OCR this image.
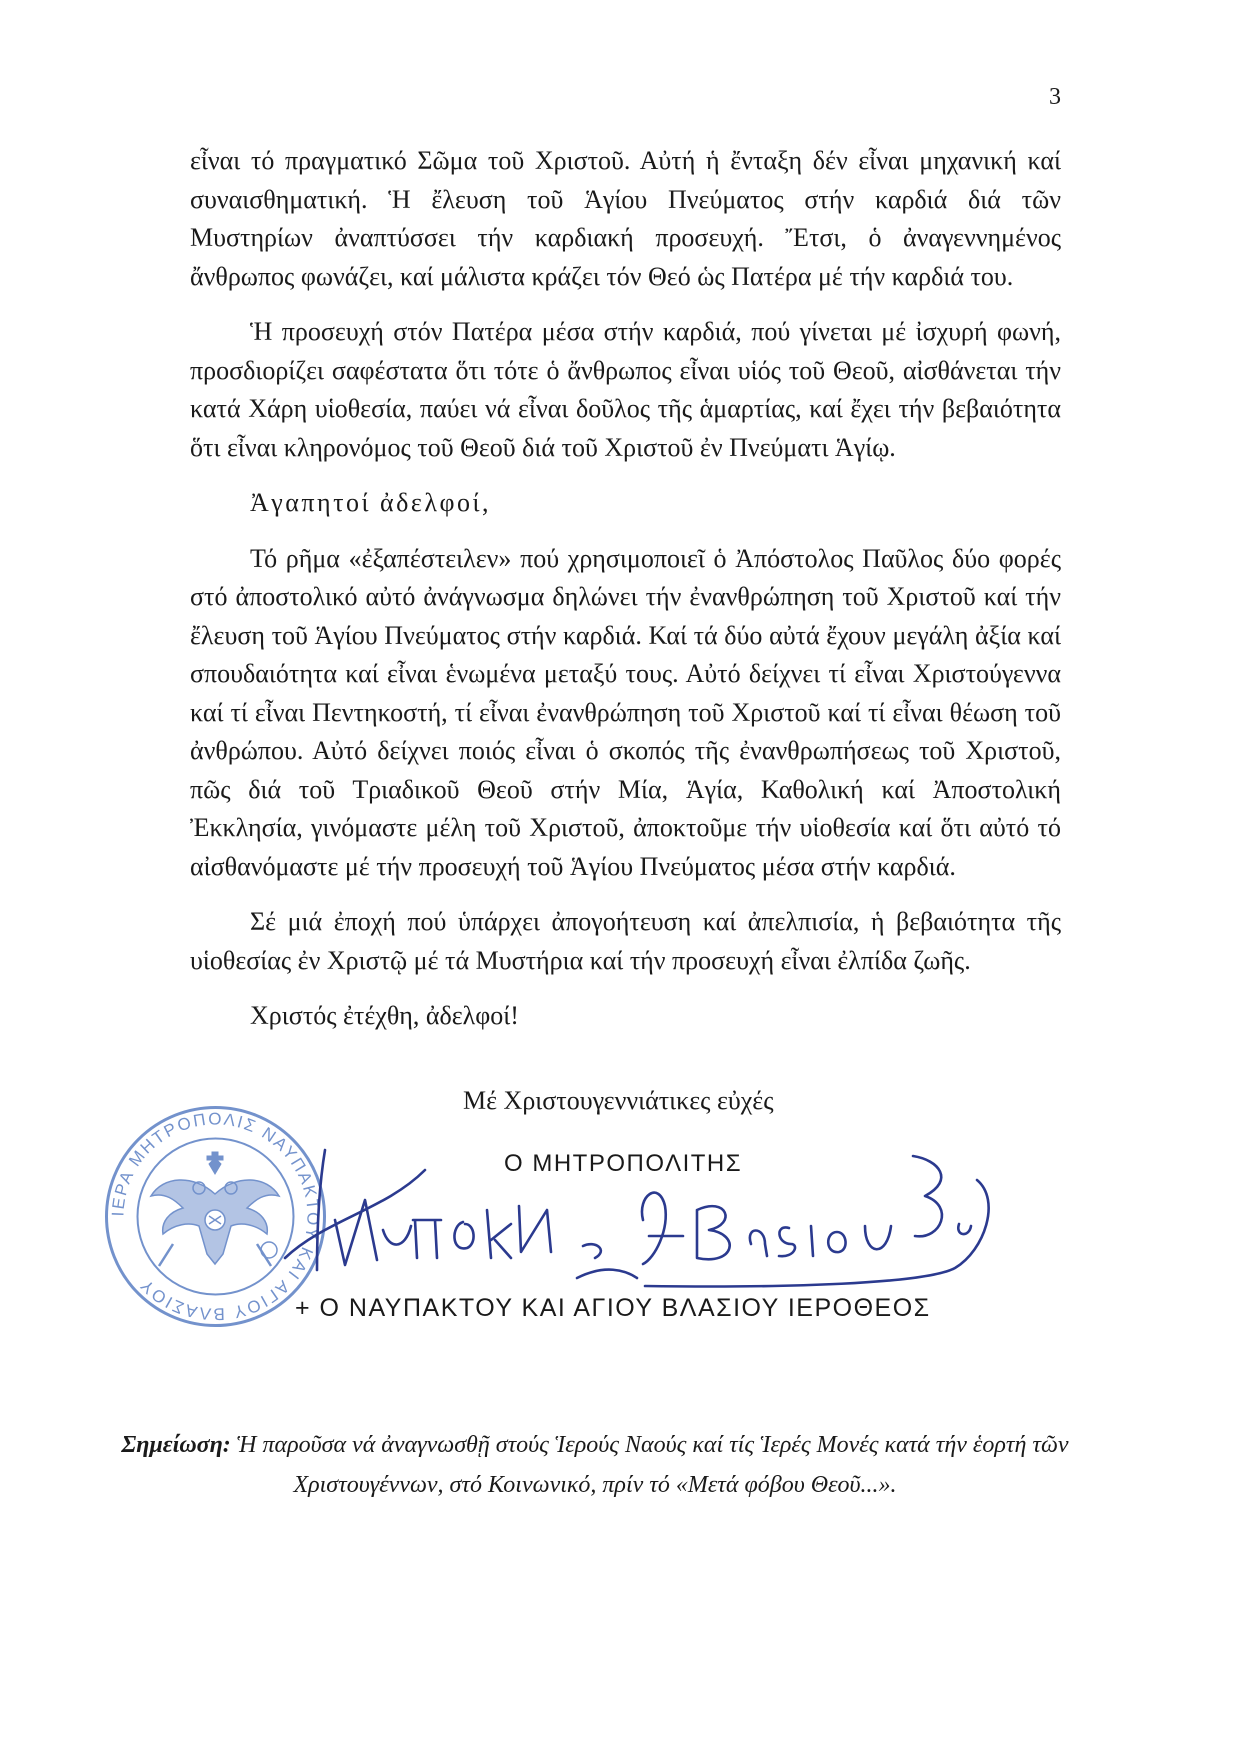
3

εἶναι τό πραγματικό Σῶμα τοῦ Χριστοῦ. Αὐτή ἡ ἔνταξη δέν εἶναι μηχανική καί συναισθηματική. Ἡ ἔλευση τοῦ Ἁγίου Πνεύματος στήν καρδιά διά τῶν Μυστηρίων ἀναπτύσσει τήν καρδιακή προσευχή. Ἔτσι, ὁ ἀναγεννημένος ἄνθρωπος φωνάζει, καί μάλιστα κράζει τόν Θεό ὡς Πατέρα μέ τήν καρδιά του.

Ἡ προσευχή στόν Πατέρα μέσα στήν καρδιά, πού γίνεται μέ ἰσχυρή φωνή, προσδιορίζει σαφέστατα ὅτι τότε ὁ ἄνθρωπος εἶναι υἱός τοῦ Θεοῦ, αἰσθάνεται τήν κατά Χάρη υἱοθεσία, παύει νά εἶναι δοῦλος τῆς ἁμαρτίας, καί ἔχει τήν βεβαιότητα ὅτι εἶναι κληρονόμος τοῦ Θεοῦ διά τοῦ Χριστοῦ ἐν Πνεύματι Ἁγίῳ.

Ἀγαπητοί ἀδελφοί,

Τό ρῆμα «ἐξαπέστειλεν» πού χρησιμοποιεῖ ὁ Ἀπόστολος Παῦλος δύο φορές στό ἀποστολικό αὐτό ἀνάγνωσμα δηλώνει τήν ἐνανθρώπηση τοῦ Χριστοῦ καί τήν ἔλευση τοῦ Ἁγίου Πνεύματος στήν καρδιά. Καί τά δύο αὐτά ἔχουν μεγάλη ἀξία καί σπουδαιότητα καί εἶναι ἑνωμένα μεταξύ τους. Αὐτό δείχνει τί εἶναι Χριστούγεννα καί τί εἶναι Πεντηκοστή, τί εἶναι ἐνανθρώπηση τοῦ Χριστοῦ καί τί εἶναι θέωση τοῦ ἀνθρώπου. Αὐτό δείχνει ποιός εἶναι ὁ σκοπός τῆς ἐνανθρωπήσεως τοῦ Χριστοῦ, πῶς διά τοῦ Τριαδικοῦ Θεοῦ στήν Μία, Ἁγία, Καθολική καί Ἀποστολική Ἐκκλησία, γινόμαστε μέλη τοῦ Χριστοῦ, ἀποκτοῦμε τήν υἱοθεσία καί ὅτι αὐτό τό αἰσθανόμαστε μέ τήν προσευχή τοῦ Ἁγίου Πνεύματος μέσα στήν καρδιά.

Σέ μιά ἐποχή πού ὑπάρχει ἀπογοήτευση καί ἀπελπισία, ἡ βεβαιότητα τῆς υἱοθεσίας ἐν Χριστῷ μέ τά Μυστήρια καί τήν προσευχή εἶναι ἐλπίδα ζωῆς.

Χριστός ἐτέχθη, ἀδελφοί!

Μέ Χριστουγεννιάτικες εὐχές
Ο ΜΗΤΡΟΠΟΛΙΤΗΣ
+ Ο ΝΑΥΠΑΚΤΟΥ ΚΑΙ ΑΓΙΟΥ ΒΛΑΣΙΟΥ ΙΕΡΟΘΕΟΣ
ΙΕΡΑ ΜΗΤΡΟΠΟΛΙΣ ΝΑΥΠΑΚΤΟΥ ΚΑΙ ΑΓΙΟΥ ΒΛΑΣΙΟΥ
Σημείωση: Ἡ παροῦσα νά ἀναγνωσθῇ στούς Ἱερούς Ναούς καί τίς Ἱερές Μονές κατά τήν ἑορτή τῶν Χριστουγέννων, στό Κοινωνικό, πρίν τό «Μετά φόβου Θεοῦ...».
